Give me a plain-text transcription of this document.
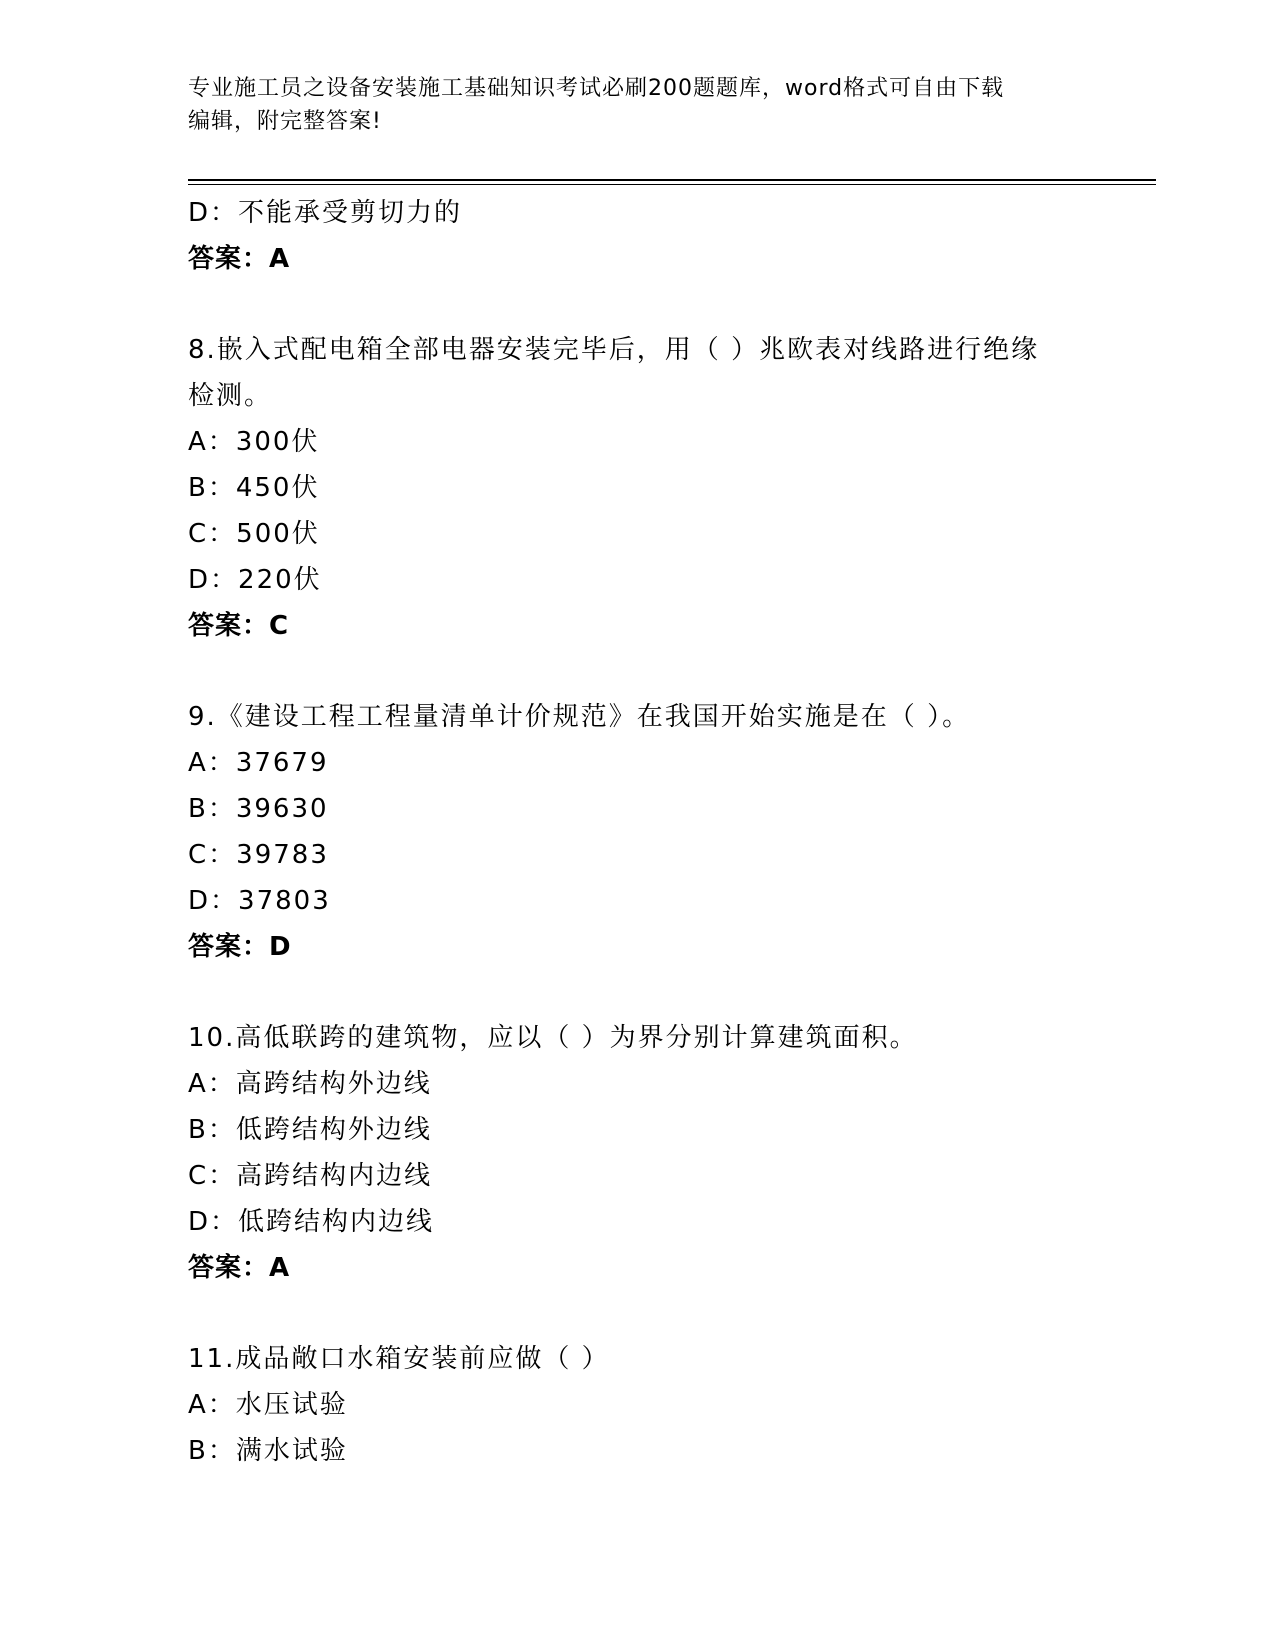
专业施工员之设备安装施工基础知识考试必刷200题题库，word格式可自由下载
编辑，附完整答案!
D：不能承受剪切力的
答案：A
8.嵌入式配电箱全部电器安装完毕后，用（ ）兆欧表对线路进行绝缘
检测。
A：300伏
B：450伏
C：500伏
D：220伏
答案：C
9.《建设工程工程量清单计价规范》在我国开始实施是在（ ）。
A：37679
B：39630
C：39783
D：37803
答案：D
10.高低联跨的建筑物，应以（ ）为界分别计算建筑面积。
A：高跨结构外边线
B：低跨结构外边线
C：高跨结构内边线
D：低跨结构内边线
答案：A
11.成品敞口水箱安装前应做（ ）
A：水压试验
B：满水试验
